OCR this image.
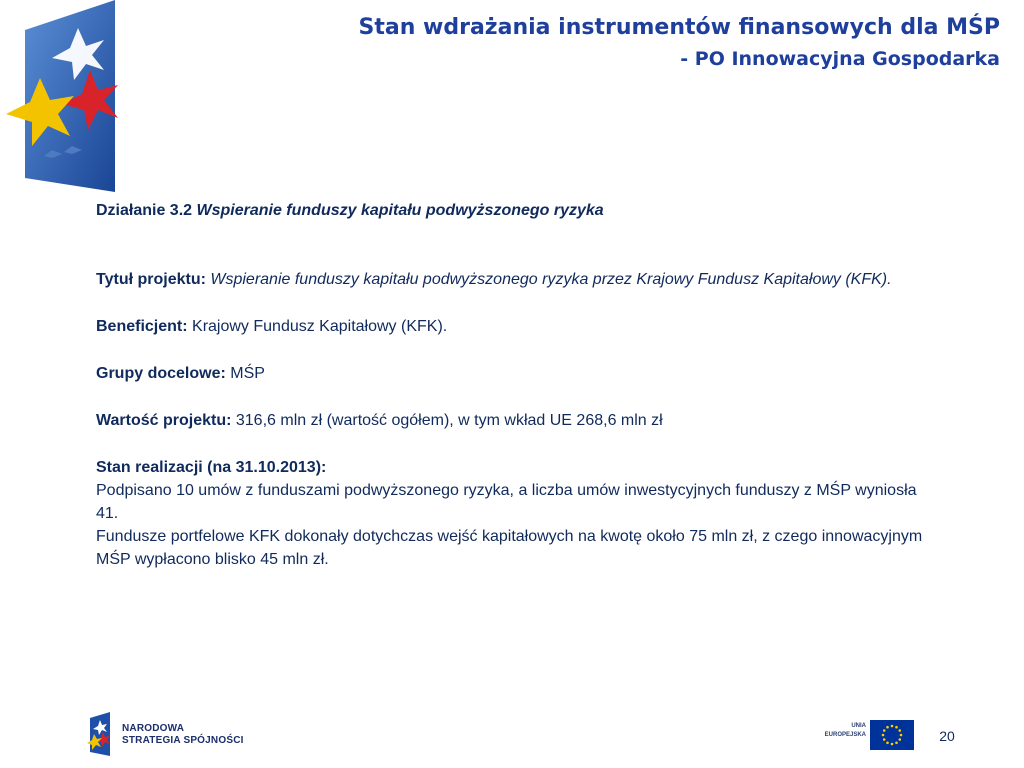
Stan wdrażania instrumentów finansowych dla MŚP
- PO Innowacyjna Gospodarka

Działanie 3.2 Wspieranie funduszy kapitału podwyższonego ryzyka

Tytuł projektu: Wspieranie funduszy kapitału podwyższonego ryzyka przez Krajowy Fundusz Kapitałowy (KFK).

Beneficjent: Krajowy Fundusz Kapitałowy (KFK).

Grupy docelowe: MŚP

Wartość projektu: 316,6 mln zł (wartość ogółem), w tym wkład UE 268,6 mln zł

Stan realizacji (na 31.10.2013):

Podpisano 10 umów z funduszami podwyższonego ryzyka, a liczba umów inwestycyjnych funduszy z MŚP wyniosła 41.

Fundusze portfelowe KFK dokonały dotychczas wejść kapitałowych na kwotę około 75 mln zł, z czego innowacyjnym MŚP wypłacono blisko 45 mln zł.

NARODOWA
STRATEGIA SPÓJNOŚCI
UNIA
EUROPEJSKA	20
